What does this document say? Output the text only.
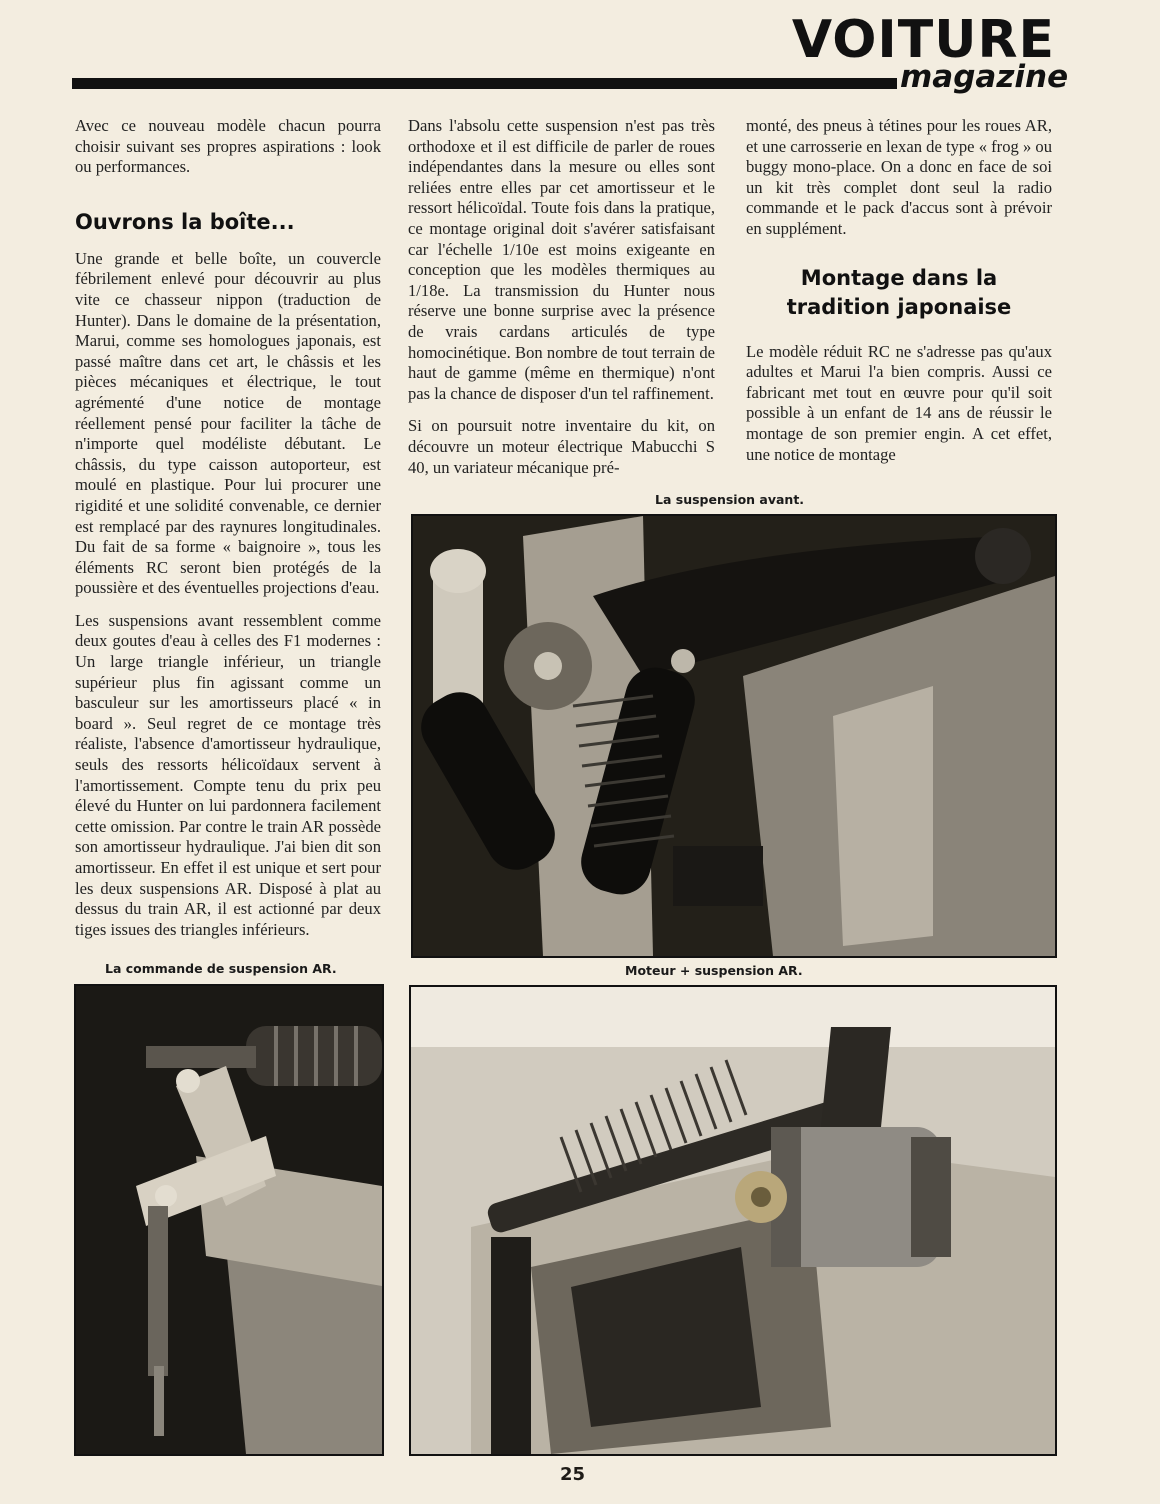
VOITURE
magazine

Avec ce nouveau modèle chacun pourra choisir suivant ses propres aspirations : look ou performances.

Ouvrons la boîte...

Une grande et belle boîte, un couvercle fébrilement enlevé pour découvrir au plus vite ce chasseur nippon (traduction de Hunter). Dans le domaine de la présentation, Marui, comme ses homologues japonais, est passé maître dans cet art, le châssis et les pièces mécaniques et électrique, le tout agrémenté d'une notice de montage réellement pensé pour faciliter la tâche de n'importe quel modéliste débutant. Le châssis, du type caisson autoporteur, est moulé en plastique. Pour lui procurer une rigidité et une solidité convenable, ce dernier est remplacé par des raynures longitudinales. Du fait de sa forme « baignoire », tous les éléments RC seront bien protégés de la poussière et des éventuelles projections d'eau.

Les suspensions avant ressemblent comme deux goutes d'eau à celles des F1 modernes : Un large triangle inférieur, un triangle supérieur plus fin agissant comme un basculeur sur les amortisseurs placé « in board ». Seul regret de ce montage très réaliste, l'absence d'amortisseur hydraulique, seuls des ressorts hélicoïdaux servent à l'amortissement. Compte tenu du prix peu élevé du Hunter on lui pardonnera facilement cette omission. Par contre le train AR possède son amortisseur hydraulique. J'ai bien dit son amortisseur. En effet il est unique et sert pour les deux suspensions AR. Disposé à plat au dessus du train AR, il est actionné par deux tiges issues des triangles inférieurs.

Dans l'absolu cette suspension n'est pas très orthodoxe et il est difficile de parler de roues indépendantes dans la mesure ou elles sont reliées entre elles par cet amortisseur et le ressort hélicoïdal. Toute fois dans la pratique, ce montage original doit s'avérer satisfaisant car l'échelle 1/10e est moins exigeante en conception que les modèles thermiques au 1/18e. La transmission du Hunter nous réserve une bonne surprise avec la présence de vrais cardans articulés de type homocinétique. Bon nombre de tout terrain de haut de gamme (même en thermique) n'ont pas la chance de disposer d'un tel raffinement.

Si on poursuit notre inventaire du kit, on découvre un moteur électrique Mabucchi S 40, un variateur mécanique pré-

monté, des pneus à tétines pour les roues AR, et une carrosserie en lexan de type « frog » ou buggy mono-place. On a donc en face de soi un kit très complet dont seul la radio commande et le pack d'accus sont à prévoir en supplément.

Montage dans la tradition japonaise

Le modèle réduit RC ne s'adresse pas qu'aux adultes et Marui l'a bien compris. Aussi ce fabricant met tout en œuvre pour qu'il soit possible à un enfant de 14 ans de réussir le montage de son premier engin. A cet effet, une notice de montage

La suspension avant.
La commande de suspension AR.	Moteur + suspension AR.
25
